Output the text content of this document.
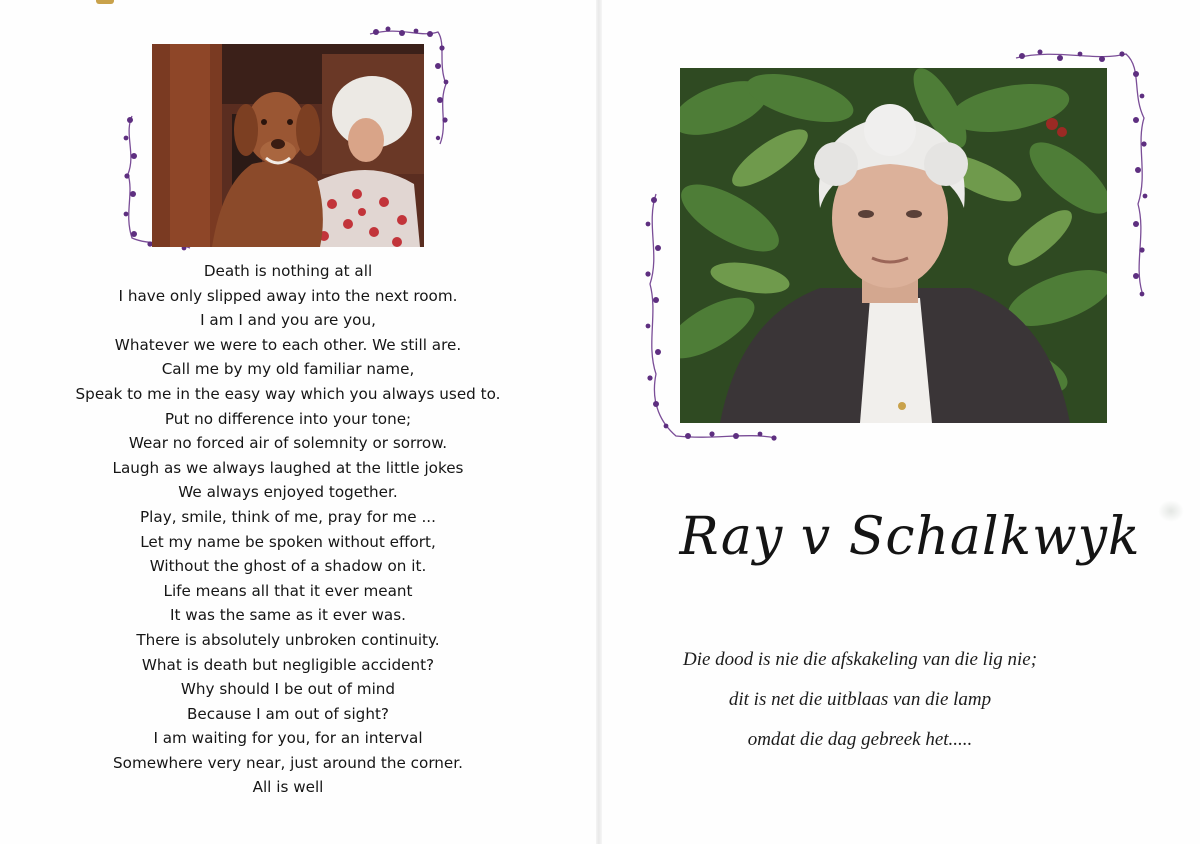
Death is nothing at all
I have only slipped away into the next room.
I am I and you are you,
Whatever we were to each other. We still are.
Call me by my old familiar name,
Speak to me in the easy way which you always used to.
Put no difference into your tone;
Wear no forced air of solemnity or sorrow.
Laugh as we always laughed at the little jokes
We always enjoyed together.
Play, smile, think of me, pray for me ...
Let my name be spoken without effort,
Without the ghost of a shadow on it.
Life means all that it ever meant
It was the same as it ever was.
There is absolutely unbroken continuity.
What is death but negligible accident?
Why should I be out of mind
Because I am out of sight?
I am waiting for you, for an interval
Somewhere very near, just around the corner.
All is well
Ray v Schalkwyk
Die dood is nie die afskakeling van die lig nie;
dit is net die uitblaas van die lamp
omdat die dag gebreek het.....
